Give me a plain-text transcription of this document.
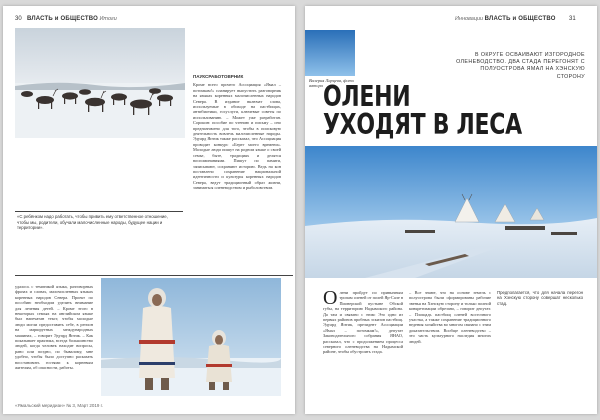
30 ВЛАСТЬ и ОБЩЕСТВО Итоги
ПАУКСРАБОТОВРНИК

Кроме всего прочего Ассоциация «Ямал – потомкам!» планирует выпустить разговорник на языках коренных малочисленных народов Севера. В издание включат слова, используемые в обиходе на пастбищах, антибиотики, госуслуги, ключевые советы по использованию. – Может уже разработан. Сорокин: пособие по чтению и письму – оно предназначено для того, чтобы в поисковую деятельность вовлечь малочисленные народы. Эдуард Яптик также рассказал, что Ассоциация проводит конкурс «Берег моего времени». Молодые люди пишут на родном языке о своей семье, быте, традициях и делятся воспоминаниями. Пишут по памяти, записывают, сохраняют историю. Ведь на кон поставлено сохранение национальной идентичности и культуры коренных народов Севера, ведут традиционный образ жизни, заниматься оленеводством и рыболовством.

«С ребёнком надо работать, чтобы привить ему ответственное отношение, чтобы мы, родители, обучали малочисленные народы, будущее нации и территории».

удалось с тематикой языка, разговорных фразах и словах, малочисленных языках коренных народов Севера. Проект по пособию необходим уделить внимание для лечения детей. – Кроме этого в некоторых семьях на английском языке был напечатан текст, чтобы молодые люди могли предоставить себе, в регион на маршрутных международных машинах, – говорит Эдуард Яптик. – Как показывает практика, всегда большинство людей, когда человек находит вопросы, рано или поздно, по бывалому, мне удобно, чтобы было доступно расказать восстановить гостями к корневым жителям, об опасности, работы.

«Ямальский меридиан» № 3, Март 2019 г.
Инновации ВЛАСТЬ и ОБЩЕСТВО 31
Валерия Ларцева, фото автора
В ОКРУГЕ ОСВАИВАЮТ ИЗГОРОДНОЕ ОЛЕНЕВОДСТВО. ДВА СТАДА ПЕРЕГОНЯТ С ПОЛУОСТРОВА ЯМАЛ НА ХЭНСКУЮ СТОРОНУ
ОЛЕНИ
УХОДЯТ В ЛЕСА
О лени пройдут по привычным тропам оленей от полей Яр-Сале в Пионерской пустыне Обской губы, на территорию Надымского района. Да там и связано с этим: Это одно из первых районов пробных эскизов пастбищ. Эдуард Яптик, президент Ассоциации «Ямал – потомкам!», депутат Законодательного собрания ЯНАО, рассказал, что с продолжением процесса северного оленеводства на Надымской районе, чтобы обустроить стада.

– Все знают, что на основе земель с полуострова были сформированы рабочие звенья на Хэнскую сторону и только полной конкретизации обрезано, – говорит депутат. – Площадь пастбищ оленей восточного участка, а также сохранение традиционного ведения хозяйства во многом связано с этим доказательством. Вообще оленеводство – это часть культурного наследия многих людей.

Предполагается, что для начала перегон на Хэнскую сторону совершат несколько стад.
